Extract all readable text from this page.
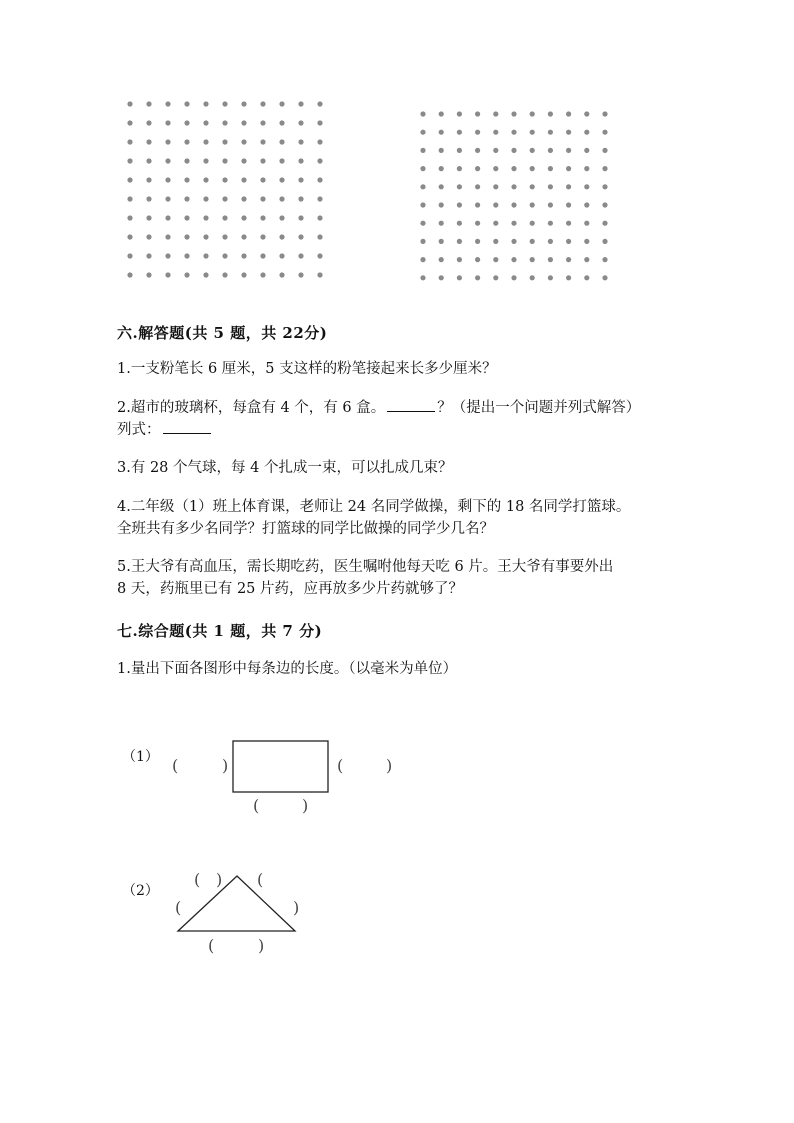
六.解答题(共 5 题，共 22分)
1.一支粉笔长 6 厘米，5 支这样的粉笔接起来长多少厘米？
2.超市的玻璃杯，每盒有 4 个，有 6 盒。	？（提出一个问题并列式解答）
列式：
3.有 28 个气球，每 4 个扎成一束，可以扎成几束？
4.二年级（1）班上体育课，老师让 24 名同学做操，剩下的 18 名同学打篮球。
全班共有多少名同学？打篮球的同学比做操的同学少几名？
5.王大爷有高血压，需长期吃药，医生嘱咐他每天吃 6 片。王大爷有事要外出
8 天，药瓶里已有 25 片药，应再放多少片药就够了？
七.综合题(共 1 题，共 7 分)
1.量出下面各图形中每条边的长度。（以毫米为单位）
（1） (	)	(	)
(	)
（2）
( ) (
)
(	)
(
